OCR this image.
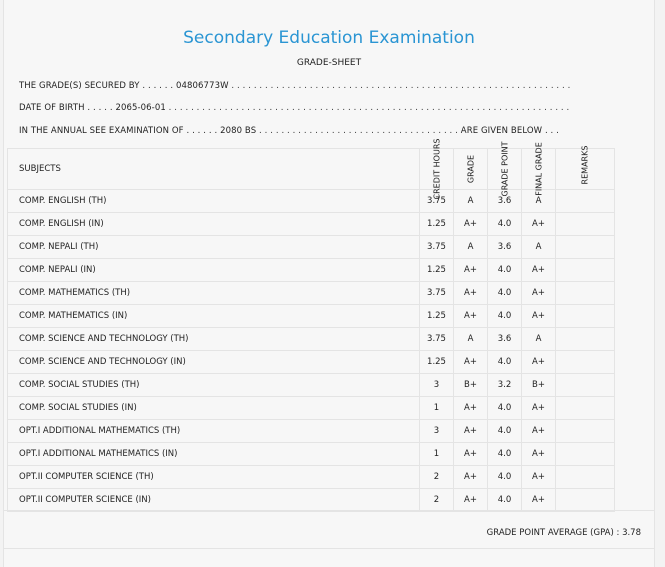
Secondary Education Examination
GRADE-SHEET
THE GRADE(S) SECURED BY . . . . . . 04806773W . . . . . . . . . . . . . . . . . . . . . . . . . . . . . . . . . . . . . . . . . . . . . . . . . . . . . . . . . . . . .
DATE OF BIRTH . . . . . 2065-06-01 . . . . . . . . . . . . . . . . . . . . . . . . . . . . . . . . . . . . . . . . . . . . . . . . . . . . . . . . . . . . . . . . . . . . . . . .
IN THE ANNUAL SEE EXAMINATION OF . . . . . . 2080 BS . . . . . . . . . . . . . . . . . . . . . . . . . . . . . . . . . . . . ARE GIVEN BELOW . . .
SUBJECTS	CREDIT HOURS	GRADE	GRADE POINT	FINAL GRADE	REMARKS

COMP. ENGLISH (TH)	3.75	A	3.6	A	
COMP. ENGLISH (IN)	1.25	A+	4.0	A+	
COMP. NEPALI (TH)	3.75	A	3.6	A	
COMP. NEPALI (IN)	1.25	A+	4.0	A+	
COMP. MATHEMATICS (TH)	3.75	A+	4.0	A+	
COMP. MATHEMATICS (IN)	1.25	A+	4.0	A+	
COMP. SCIENCE AND TECHNOLOGY (TH)	3.75	A	3.6	A	
COMP. SCIENCE AND TECHNOLOGY (IN)	1.25	A+	4.0	A+	
COMP. SOCIAL STUDIES (TH)	3	B+	3.2	B+	
COMP. SOCIAL STUDIES (IN)	1	A+	4.0	A+	
OPT.I ADDITIONAL MATHEMATICS (TH)	3	A+	4.0	A+	
OPT.I ADDITIONAL MATHEMATICS (IN)	1	A+	4.0	A+	
OPT.II COMPUTER SCIENCE (TH)	2	A+	4.0	A+	
OPT.II COMPUTER SCIENCE (IN)	2	A+	4.0	A+	
GRADE POINT AVERAGE (GPA) : 3.78
